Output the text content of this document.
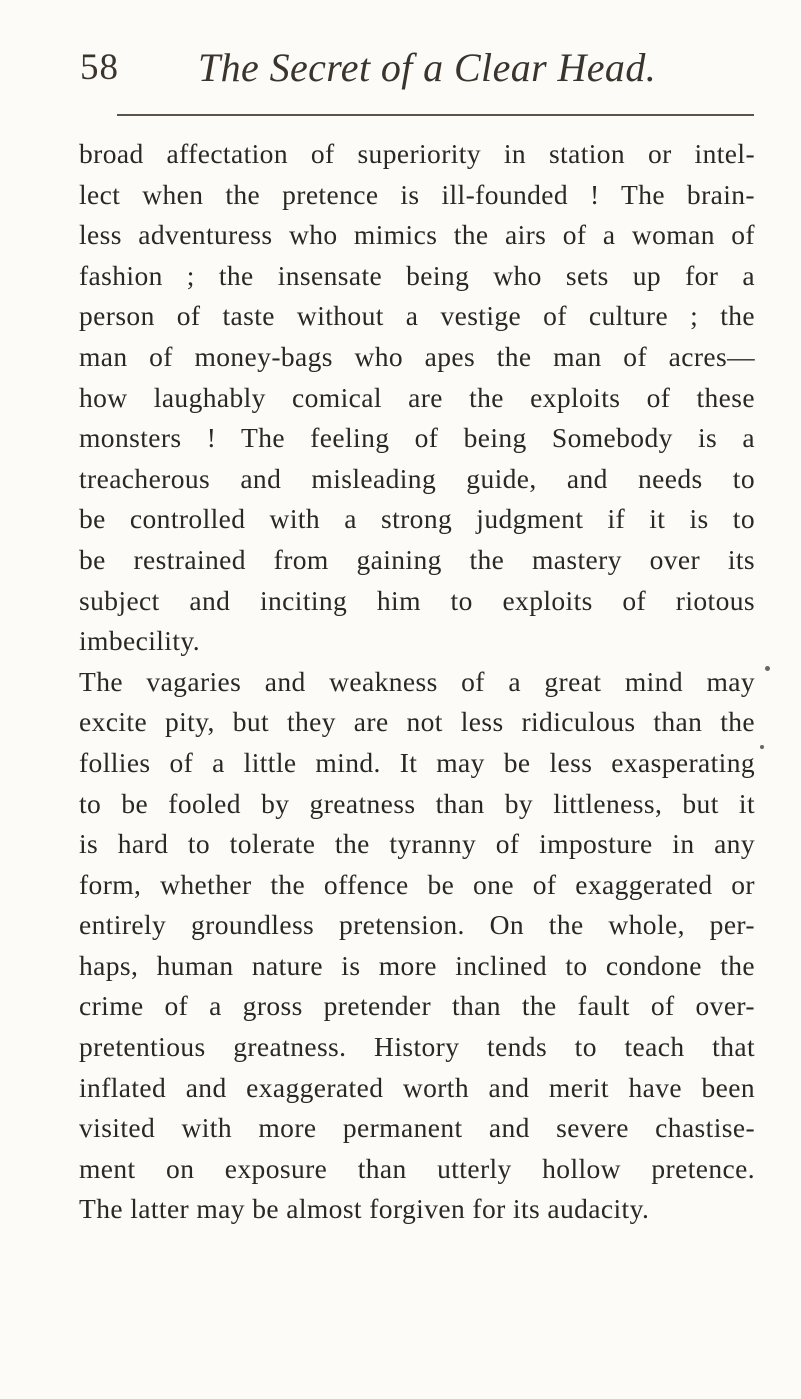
58 The Secret of a Clear Head.
broad affectation of superiority in station or intel-
lect when the pretence is ill-founded ! The brain-
less adventuress who mimics the airs of a woman of
fashion ; the insensate being who sets up for a
person of taste without a vestige of culture ; the
man of money-bags who apes the man of acres—
how laughably comical are the exploits of these
monsters ! The feeling of being Somebody is a
treacherous and misleading guide, and needs to
be controlled with a strong judgment if it is to
be restrained from gaining the mastery over its
subject and inciting him to exploits of riotous
imbecility.
The vagaries and weakness of a great mind may
excite pity, but they are not less ridiculous than the
follies of a little mind. It may be less exasperating
to be fooled by greatness than by littleness, but it
is hard to tolerate the tyranny of imposture in any
form, whether the offence be one of exaggerated or
entirely groundless pretension. On the whole, per-
haps, human nature is more inclined to condone the
crime of a gross pretender than the fault of over-
pretentious greatness. History tends to teach that
inflated and exaggerated worth and merit have been
visited with more permanent and severe chastise-
ment on exposure than utterly hollow pretence.
The latter may be almost forgiven for its audacity.
